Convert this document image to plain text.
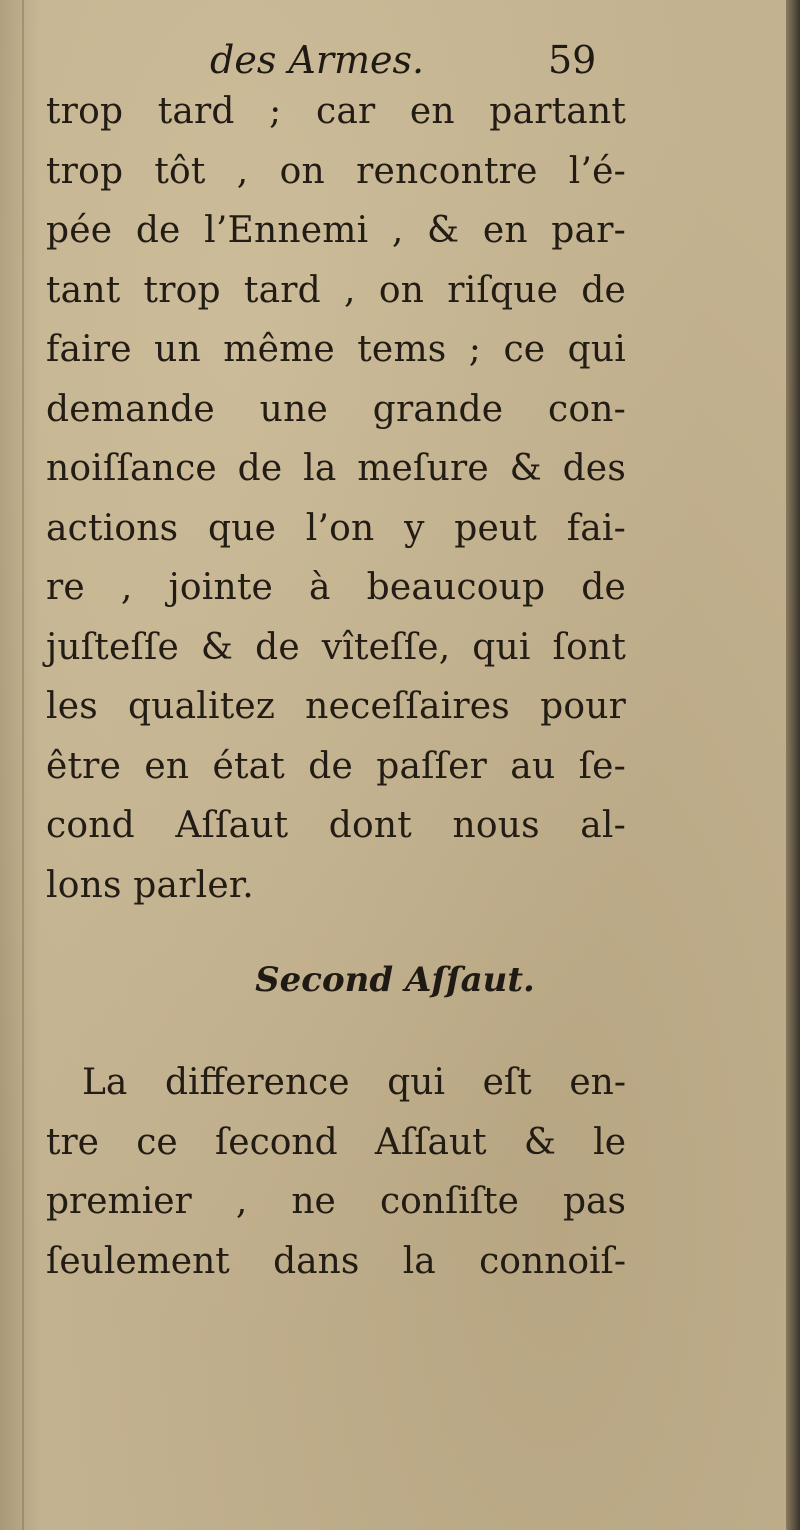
des Armes.	59
trop tard ; car en partant
trop tôt , on rencontre l’é-
pée de l’Ennemi , & en par-
tant trop tard , on riſque de
faire un même tems ; ce qui
demande une grande con-
noiſſance de la meſure & des
actions que l’on y peut fai-
re , jointe à beaucoup de
juſteſſe & de vîteſſe, qui ſont
les qualitez neceſſaires pour
être en état de paſſer au ſe-
cond Aſſaut dont nous al-
lons parler.
Second Aſſaut.
La difference qui eſt en-
tre ce ſecond Aſſaut & le
premier , ne conſiſte pas
ſeulement dans la connoiſ-
